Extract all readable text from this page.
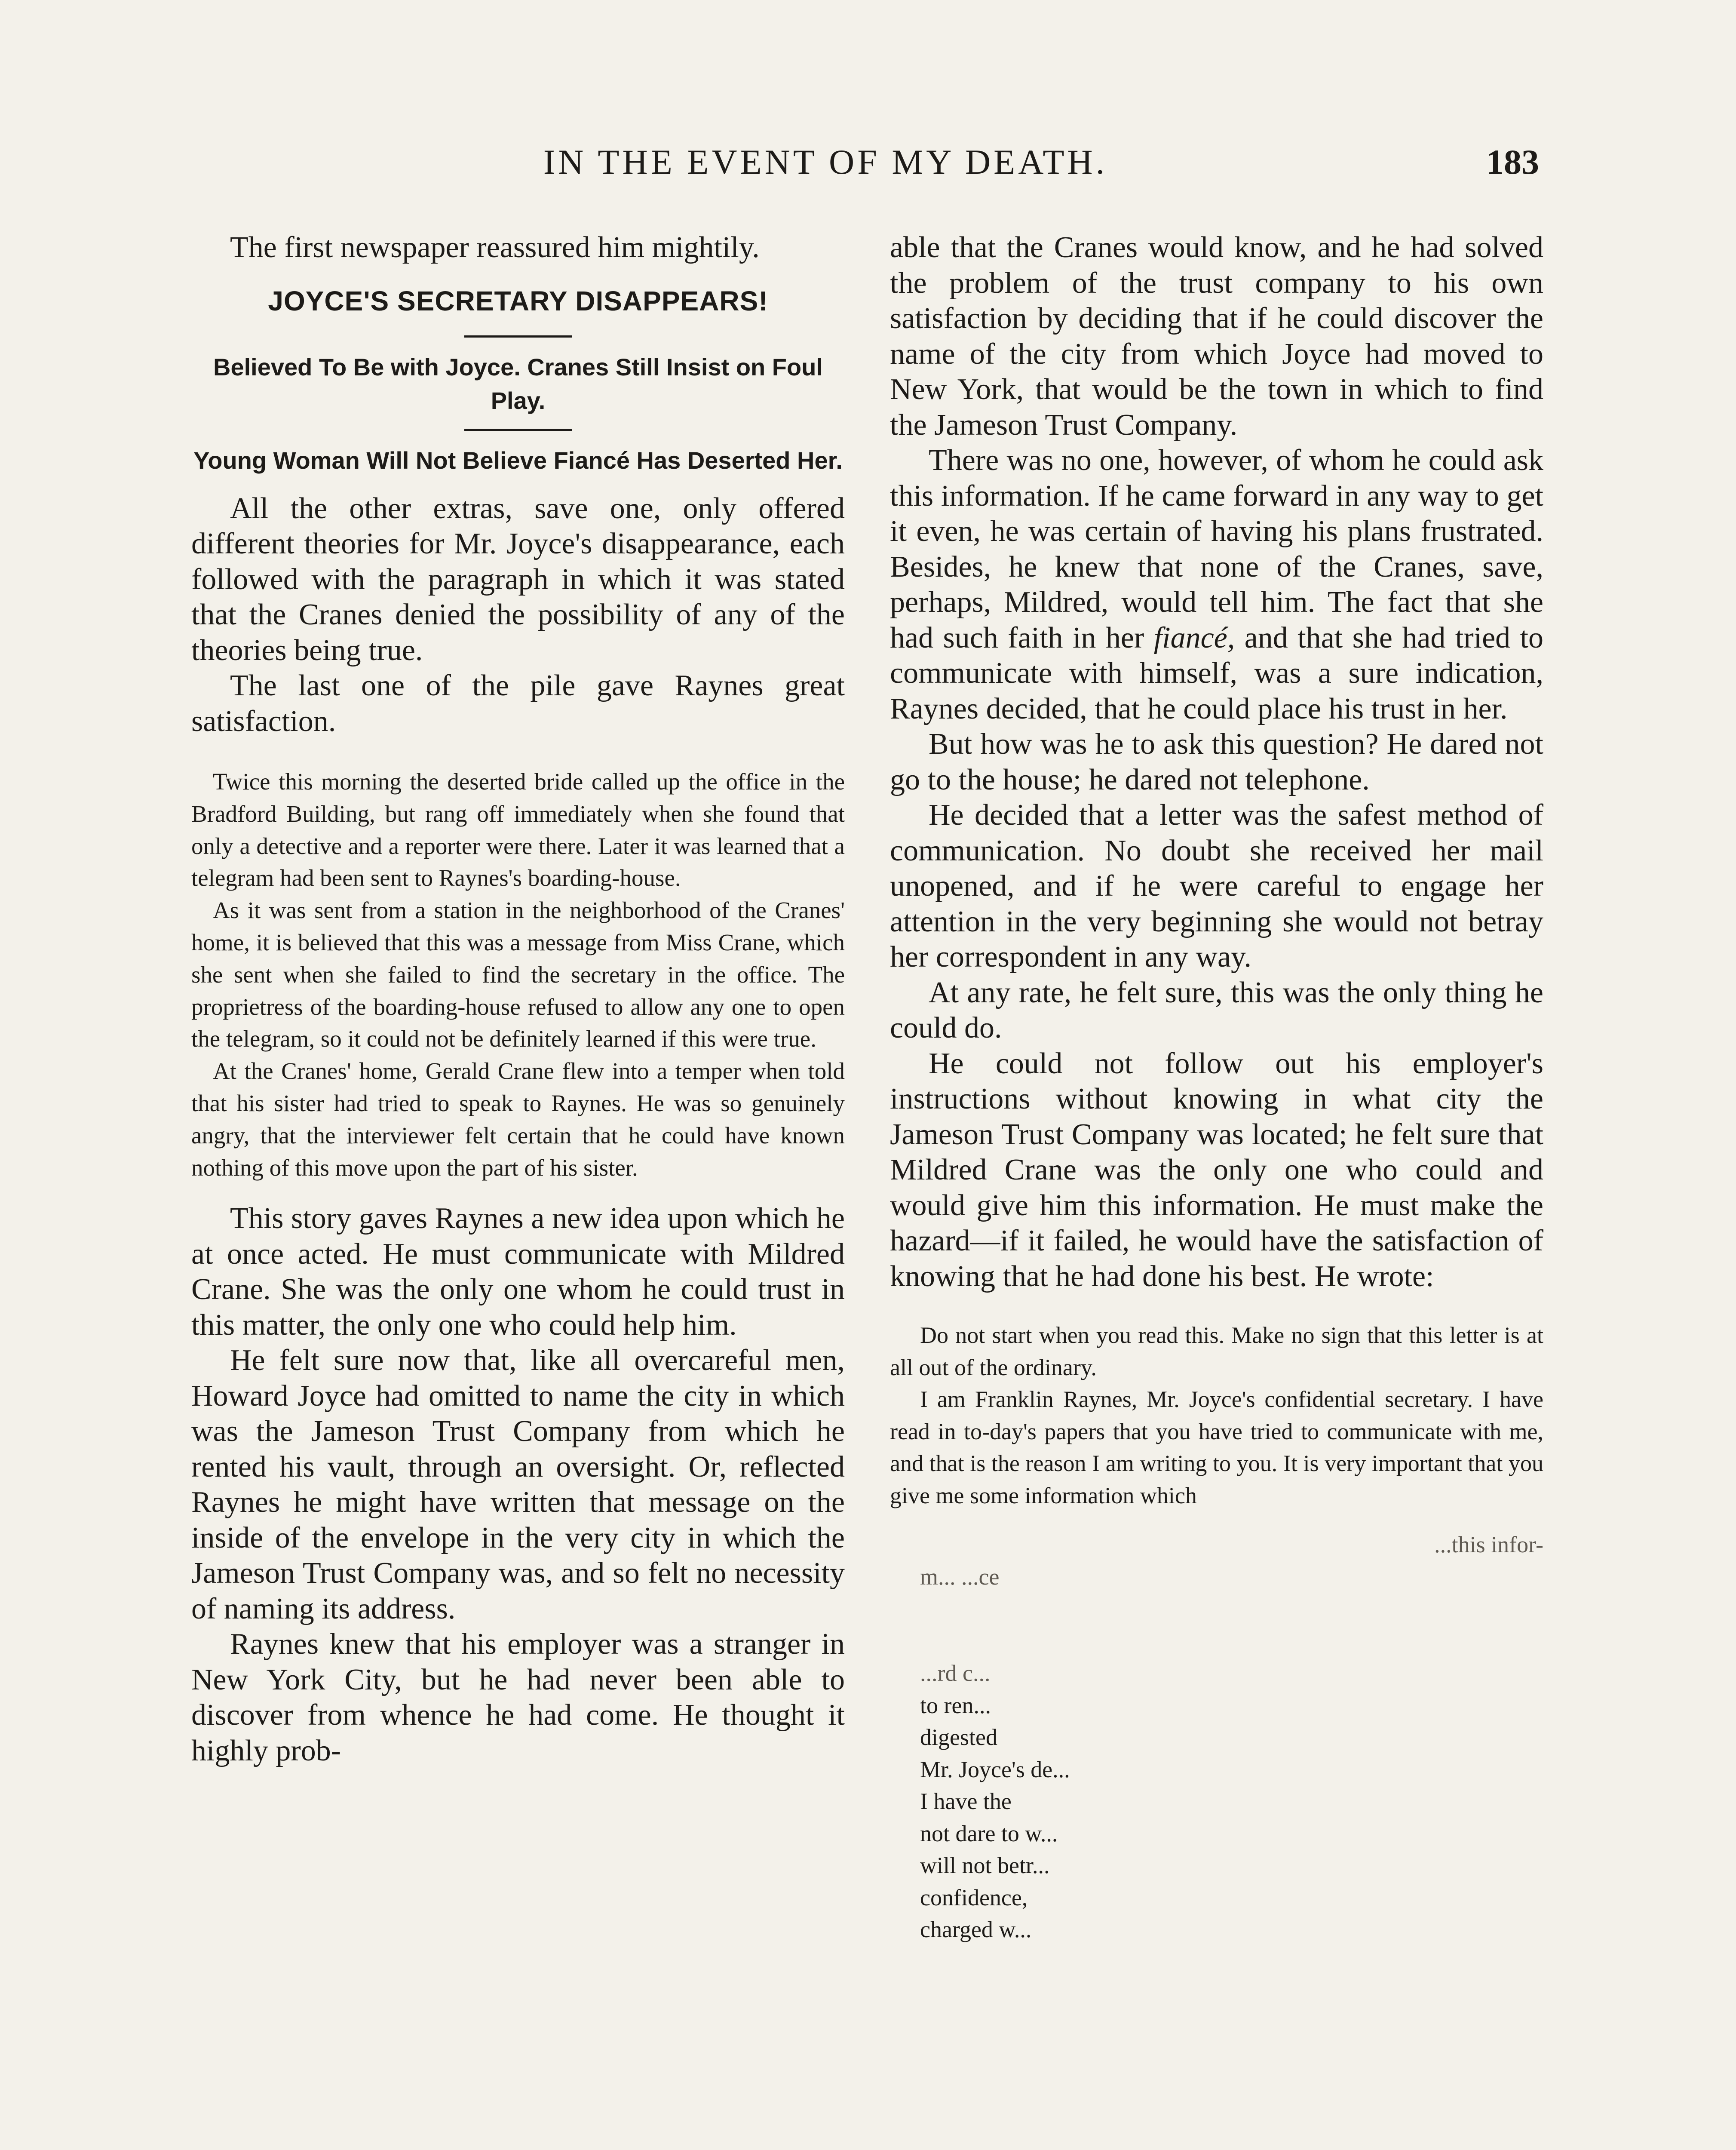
IN THE EVENT OF MY DEATH.	183

The first newspaper reassured him mightily.

JOYCE'S SECRETARY DISAPPEARS!
Believed To Be with Joyce. Cranes Still Insist on Foul Play.
Young Woman Will Not Believe Fiancé Has Deserted Her.

All the other extras, save one, only offered different theories for Mr. Joyce's disappearance, each followed with the paragraph in which it was stated that the Cranes denied the possibility of any of the theories being true.

The last one of the pile gave Raynes great satisfaction.

Twice this morning the deserted bride called up the office in the Bradford Building, but rang off immediately when she found that only a detective and a reporter were there. Later it was learned that a telegram had been sent to Raynes's boarding-house.

As it was sent from a station in the neighborhood of the Cranes' home, it is believed that this was a message from Miss Crane, which she sent when she failed to find the secretary in the office. The proprietress of the boarding-house refused to allow any one to open the telegram, so it could not be definitely learned if this were true.

At the Cranes' home, Gerald Crane flew into a temper when told that his sister had tried to speak to Raynes. He was so genuinely angry, that the interviewer felt certain that he could have known nothing of this move upon the part of his sister.

This story gaves Raynes a new idea upon which he at once acted. He must communicate with Mildred Crane. She was the only one whom he could trust in this matter, the only one who could help him.

He felt sure now that, like all overcareful men, Howard Joyce had omitted to name the city in which was the Jameson Trust Company from which he rented his vault, through an oversight. Or, reflected Raynes he might have written that message on the inside of the envelope in the very city in which the Jameson Trust Company was, and so felt no necessity of naming its address.

Raynes knew that his employer was a stranger in New York City, but he had never been able to discover from whence he had come. He thought it highly prob-

able that the Cranes would know, and he had solved the problem of the trust company to his own satisfaction by deciding that if he could discover the name of the city from which Joyce had moved to New York, that would be the town in which to find the Jameson Trust Company.

There was no one, however, of whom he could ask this information. If he came forward in any way to get it even, he was certain of having his plans frustrated. Besides, he knew that none of the Cranes, save, perhaps, Mildred, would tell him. The fact that she had such faith in her fiancé, and that she had tried to communicate with himself, was a sure indication, Raynes decided, that he could place his trust in her.

But how was he to ask this question? He dared not go to the house; he dared not telephone.

He decided that a letter was the safest method of communication. No doubt she received her mail unopened, and if he were careful to engage her attention in the very beginning she would not betray her correspondent in any way.

At any rate, he felt sure, this was the only thing he could do.

He could not follow out his employer's instructions without knowing in what city the Jameson Trust Company was located; he felt sure that Mildred Crane was the only one who could and would give him this information. He must make the hazard—if it failed, he would have the satisfaction of knowing that he had done his best. He wrote:

Do not start when you read this. Make no sign that this letter is at all out of the ordinary.

I am Franklin Raynes, Mr. Joyce's confidential secretary. I have read in to-day's papers that you have tried to communicate with me, and that is the reason I am writing to you. It is very important that you give me some information which

...this infor-

m... ...ce

...rd c...

to ren...

digested

Mr. Joyce's de...

I have the

not dare to w...

will not betr...

confidence,

charged w...
